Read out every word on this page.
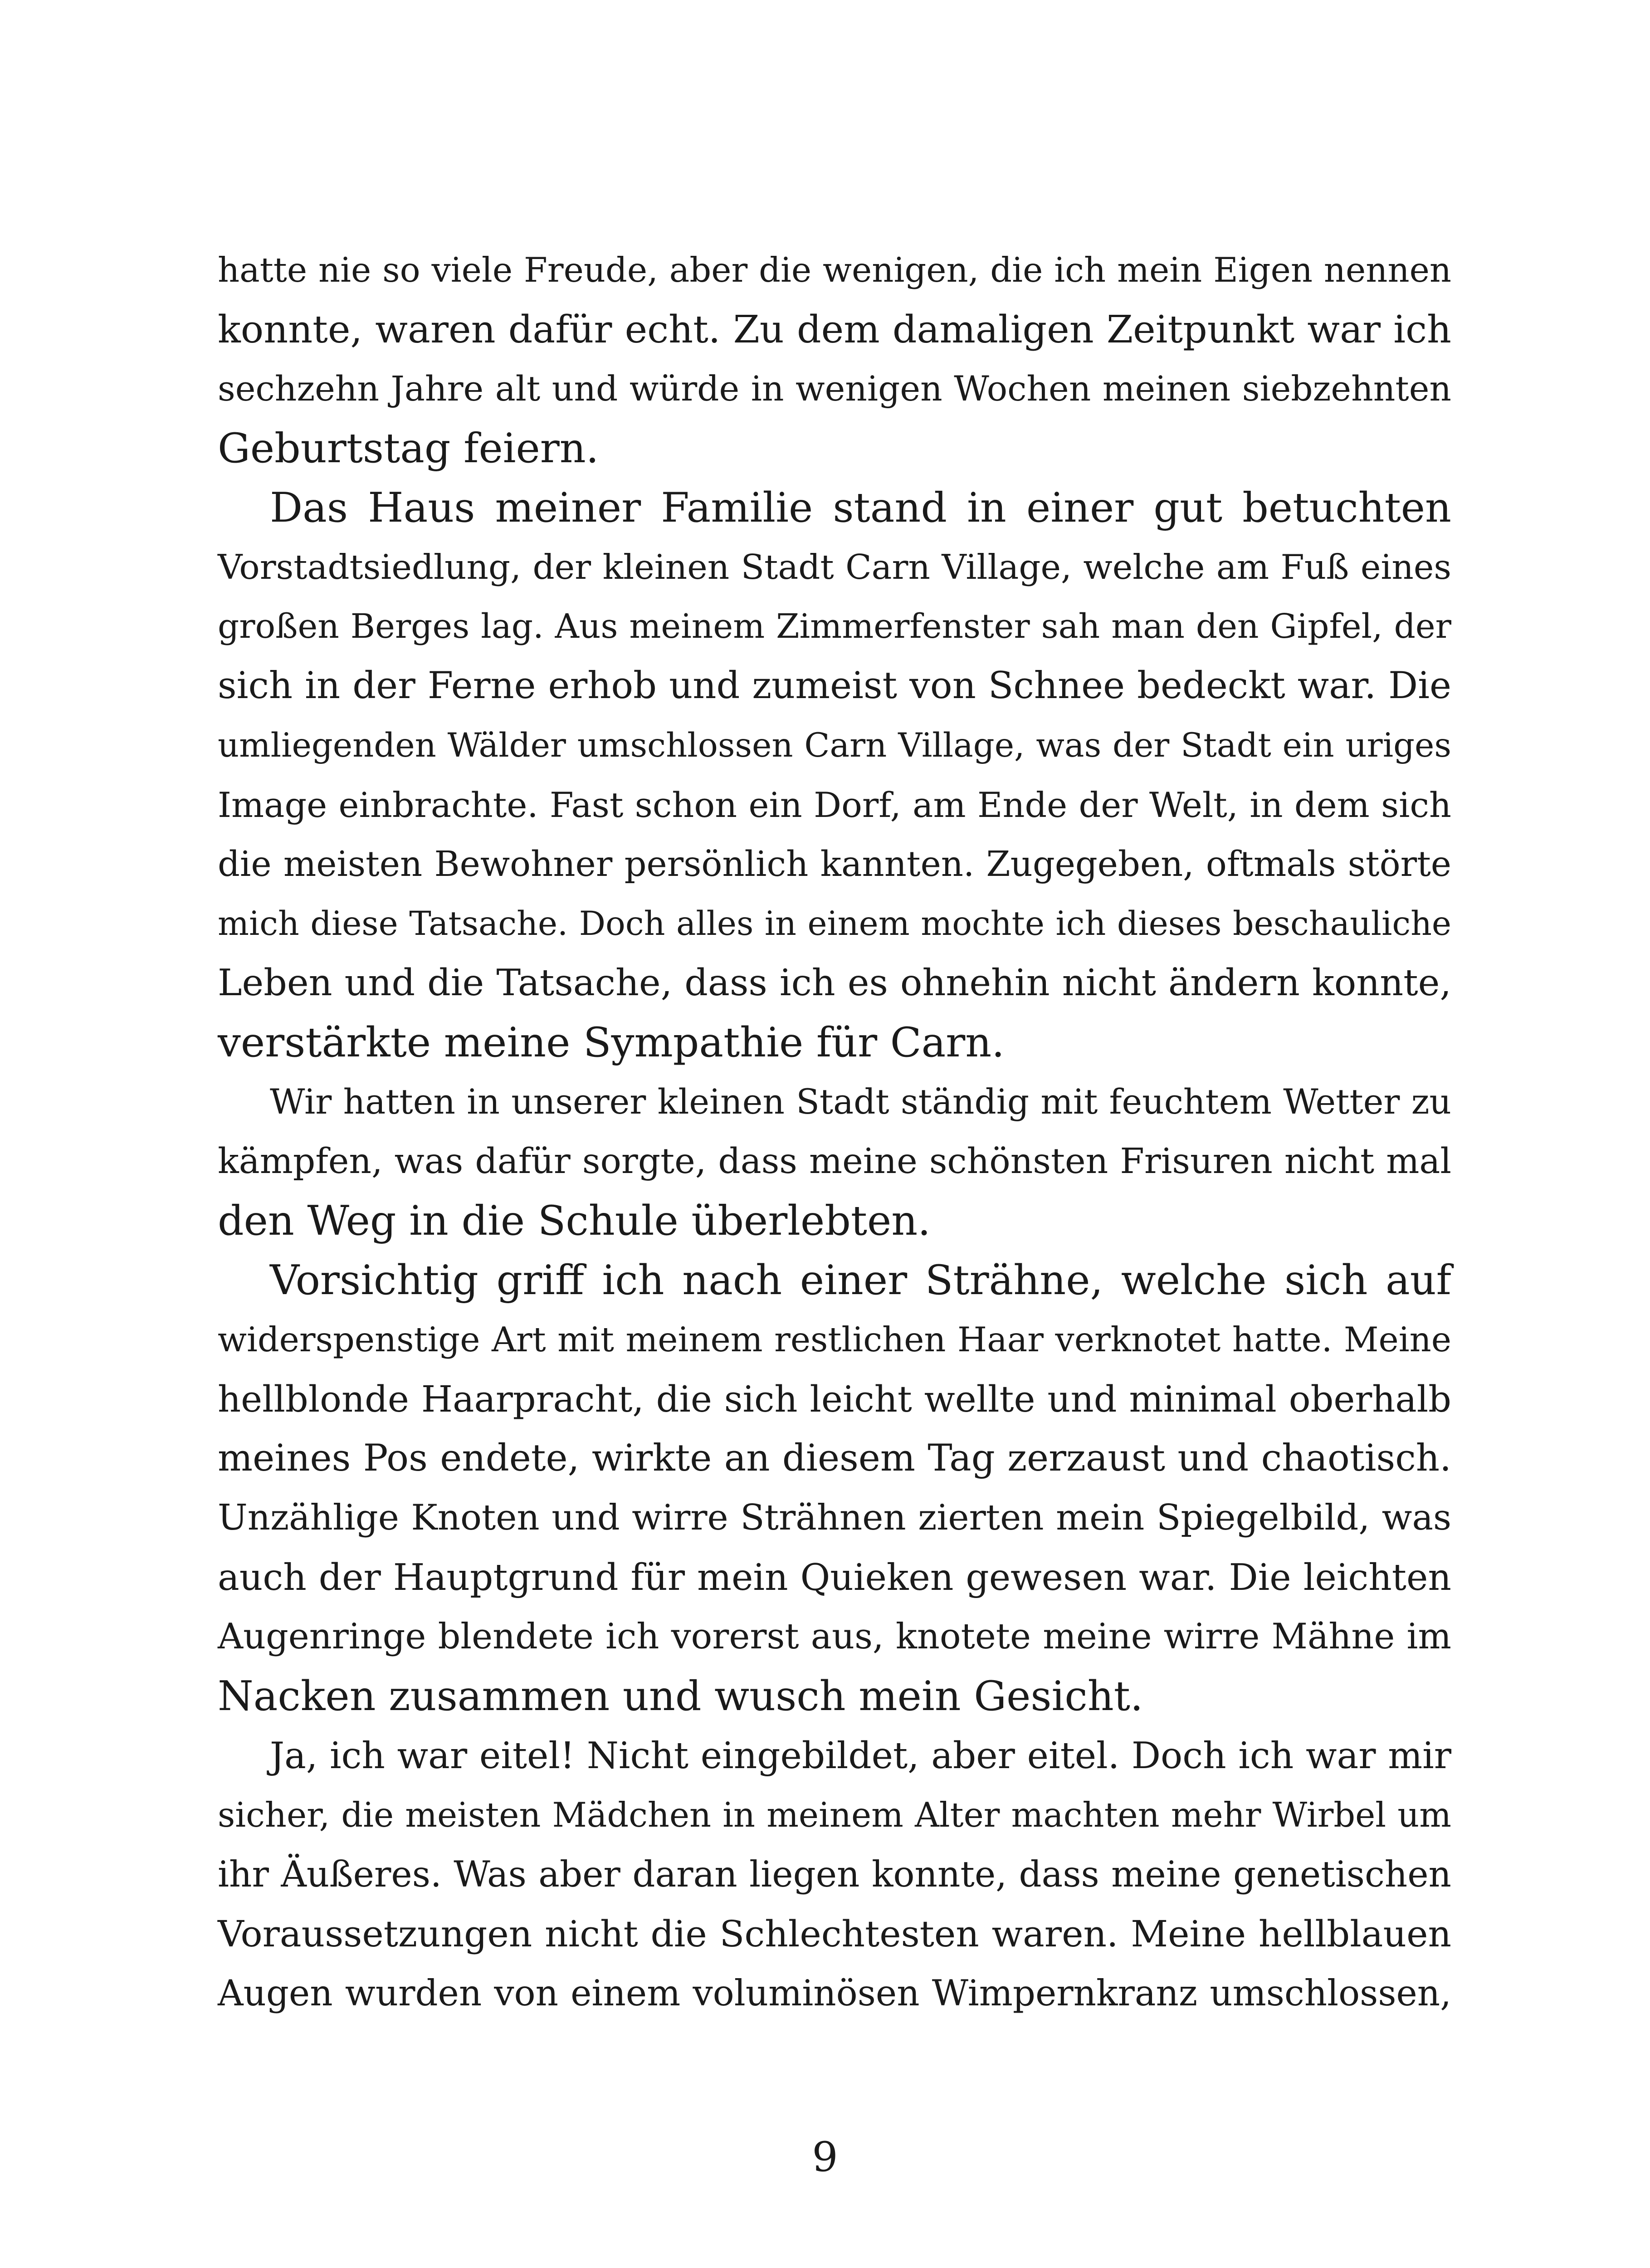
hatte nie so viele Freude, aber die wenigen, die ich mein Eigen nennen
konnte, waren dafür echt. Zu dem damaligen Zeitpunkt war ich
sechzehn Jahre alt und würde in wenigen Wochen meinen siebzehnten
Geburtstag feiern.
Das Haus meiner Familie stand in einer gut betuchten
Vorstadtsiedlung, der kleinen Stadt Carn Village, welche am Fuß eines
großen Berges lag. Aus meinem Zimmerfenster sah man den Gipfel, der
sich in der Ferne erhob und zumeist von Schnee bedeckt war. Die
umliegenden Wälder umschlossen Carn Village, was der Stadt ein uriges
Image einbrachte. Fast schon ein Dorf, am Ende der Welt, in dem sich
die meisten Bewohner persönlich kannten. Zugegeben, oftmals störte
mich diese Tatsache. Doch alles in einem mochte ich dieses beschauliche
Leben und die Tatsache, dass ich es ohnehin nicht ändern konnte,
verstärkte meine Sympathie für Carn.
Wir hatten in unserer kleinen Stadt ständig mit feuchtem Wetter zu
kämpfen, was dafür sorgte, dass meine schönsten Frisuren nicht mal
den Weg in die Schule überlebten.
Vorsichtig griff ich nach einer Strähne, welche sich auf
widerspenstige Art mit meinem restlichen Haar verknotet hatte. Meine
hellblonde Haarpracht, die sich leicht wellte und minimal oberhalb
meines Pos endete, wirkte an diesem Tag zerzaust und chaotisch.
Unzählige Knoten und wirre Strähnen zierten mein Spiegelbild, was
auch der Hauptgrund für mein Quieken gewesen war. Die leichten
Augenringe blendete ich vorerst aus, knotete meine wirre Mähne im
Nacken zusammen und wusch mein Gesicht.
Ja, ich war eitel! Nicht eingebildet, aber eitel. Doch ich war mir
sicher, die meisten Mädchen in meinem Alter machten mehr Wirbel um
ihr Äußeres. Was aber daran liegen konnte, dass meine genetischen
Voraussetzungen nicht die Schlechtesten waren. Meine hellblauen
Augen wurden von einem voluminösen Wimpernkranz umschlossen,
9
